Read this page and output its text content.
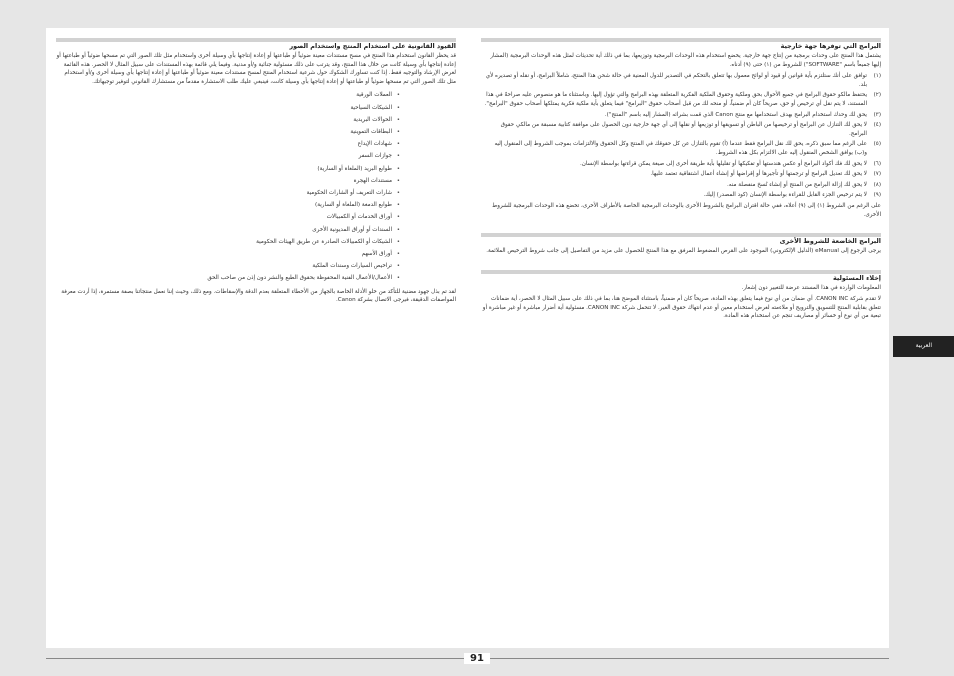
البرامج التي توفرها جهة خارجية

يشتمل هذا المنتج على وحدات برمجية من إنتاج جهة خارجية. يخضع استخدام هذه الوحدات البرمجية وتوزيعها، بما في ذلك أية تحديثات لمثل هذه الوحدات البرمجية (المشار إليها جميعاً باسم "SOFTWARE") للشروط من (١) حتى (٩) أدناه.

(١)
توافق على أنك ستلتزم بأية قوانين أو قيود أو لوائح معمول بها تتعلق بالتحكم في التصدير للدول المعنية في حالة شحن هذا المنتج، شاملاً البرامج، أو نقله أو تصديره لأي بلد.
(٢)
يحتفظ مالكو حقوق البرامج في جميع الأحوال بحق وملكية وحقوق الملكية الفكرية المتعلقة بهذه البرامج والتي تؤول إليها. وباستثناء ما هو منصوص عليه صراحةً في هذا المستند، لا يتم نقل أي ترخيص أو حق، صريحاً كان أم ضمنياً، أو منحه لك من قبل أصحاب حقوق "البرامج" فيما يتعلق بأية ملكية فكرية يمتلكها أصحاب حقوق "البرامج".
(٣)
يحق لك وحدك استخدام البرامج بهدف استخدامها مع منتج Canon الذي قمت بشرائه (المشار إليه باسم "المنتج").
(٤)
لا يحق لك التنازل عن البرامج أو ترخيصها من الباطن أو تسويقها أو توزيعها أو نقلها إلى أي جهة خارجية دون الحصول على موافقة كتابية مسبقة من مالكي حقوق البرامج.
(٥)
على الرغم مما سبق ذكره، يحق لك نقل البرامج فقط عندما (أ) تقوم بالتنازل عن كل حقوقك في المنتج وكل الحقوق والالتزامات بموجب الشروط إلى المنقول إليه و(ب) يوافق الشخص المنقول إليه على الالتزام بكل هذه الشروط.
(٦)
لا يحق لك فك أكواد البرامج أو عكس هندستها أو تفكيكها أو تقليلها بأية طريقة أخرى إلى صيغة يمكن قراءتها بواسطة الإنسان.
(٧)
لا يحق لك تعديل البرامج أو ترجمتها أو تأجيرها أو إقراضها أو إنشاء أعمال اشتقاقية تعتمد عليها.
(٨)
لا يحق لك إزالة البرامج من المنتج أو إنشاء نُسخ منفصلة منه.
(٩)
لا يتم ترخيص الجزء القابل للقراءة بواسطة الإنسان (كود المصدر) إليك.

على الرغم من الشروط (١) إلى (٩) أعلاه، ففي حالة اقتران البرامج بالشروط الأخرى بالوحدات البرمجية الخاصة بالأطراف الأخرى، تخضع هذه الوحدات البرمجية للشروط الأخرى.

البرامج الخاضعة للشروط الأخرى

يرجى الرجوع إلى eManual (الدليل الإلكتروني) الموجود على القرص المضغوط المرفق مع هذا المنتج للحصول على مزيد من التفاصيل إلى جانب شروط الترخيص الملائمة.

إخلاء المسئولية

المعلومات الواردة في هذا المستند عرضة للتغيير دون إشعار.

لا تقدم شركة CANON INC. أي ضمان من أي نوع فيما يتعلق بهذه المادة، صريحاً كان أم ضمنياً، باستثناء الموضح هنا، بما في ذلك على سبيل المثال لا الحصر، أية ضمانات تتعلق بقابلية المنتج للتسويق والترويج أو ملاءمته لغرض استخدام معين أو عدم انتهاك حقوق الغير. لا تتحمل شركة CANON INC. مسئولية أية أضرار مباشرة أو غير مباشرة أو تبعية من أي نوع أو خسائر أو مصاريف تنجم عن استخدام هذه المادة.

القيود القانونية على استخدام المنتج واستخدام الصور

قد يحظر القانون استخدام هذا المنتج في مسح مستندات معينة ضوئياً أو طباعتها أو إعادة إنتاجها بأي وسيلة أخرى واستخدام مثل تلك الصور التي تم مسحها ضوئياً أو طباعتها أو إعادة إنتاجها بأي وسيلة كانت من خلال هذا المنتج، وقد يترتب على ذلك مسئولية جنائية و/أو مدنية. وفيما يلي قائمة بهذه المستندات على سبيل المثال لا الحصر. هذه القائمة لغرض الإرشاد والتوجيه فقط. إذا كنت تساورك الشكوك حول شرعية استخدام المنتج لمسح مستندات معينة ضوئياً أو طباعتها أو إعادة إنتاجها بأي وسيلة أخرى و/أو استخدام مثل تلك الصور التي تم مسحها ضوئياً أو طباعتها أو إعادة إنتاجها بأي وسيلة كانت، فينبغي عليك طلب الاستشارة مقدماً من مستشارك القانوني لتوفير توجيهاتك.

• العملات الورقية
• الشيكات السياحية
• الحوالات البريدية
• البطاقات التموينية
• شهادات الإيداع
• جوازات السفر
• طوابع البريد (الملغاة أو السارية)
• مستندات الهجرة
• شارات التعريف أو الشارات الحكومية
• طوابع الدمغة (الملغاة أو السارية)
• أوراق الخدمات أو الكمبيالات
• السندات أو أوراق المديونية الأخرى
• الشيكات أو الكمبيالات الصادرة عن طريق الهيئات الحكومية
• أوراق الأسهم
• تراخيص السيارات وسندات الملكية
• الأعمال/الأعمال الفنية المحفوظة بحقوق الطبع والنشر دون إذن من صاحب الحق

لقد تم بذل جهود مضنية للتأكد من خلو الأدلة الخاصة بالجهاز من الأخطاء المتعلقة بعدم الدقة والإسقاطات. ومع ذلك، وحيث إننا نعمل منتجاتنا بصفة مستمرة، إذا أردت معرفة المواصفات الدقيقة، فيرجى الاتصال بشركة Canon.

العربية
91
